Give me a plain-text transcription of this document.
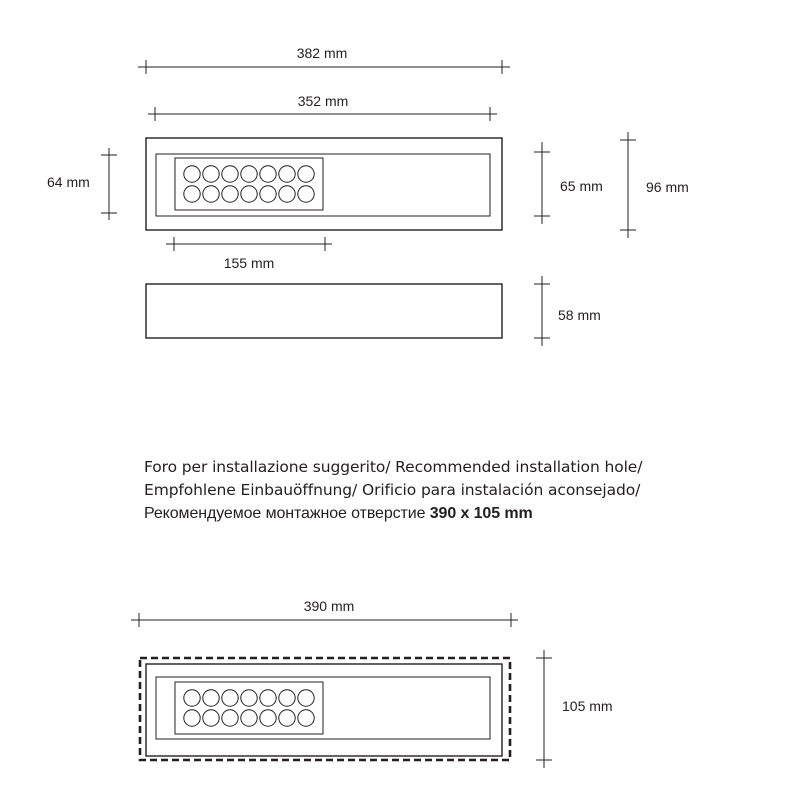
382 mm
352 mm
64 mm	65 mm	96 mm
155 mm
58 mm
390 mm
105 mm
Foro per installazione suggerito/ Recommended installation hole/
Empfohlene Einbauöffnung/ Orificio para instalación aconsejado/
Рекомендуемое монтажное отверстие 390 x 105 mm
